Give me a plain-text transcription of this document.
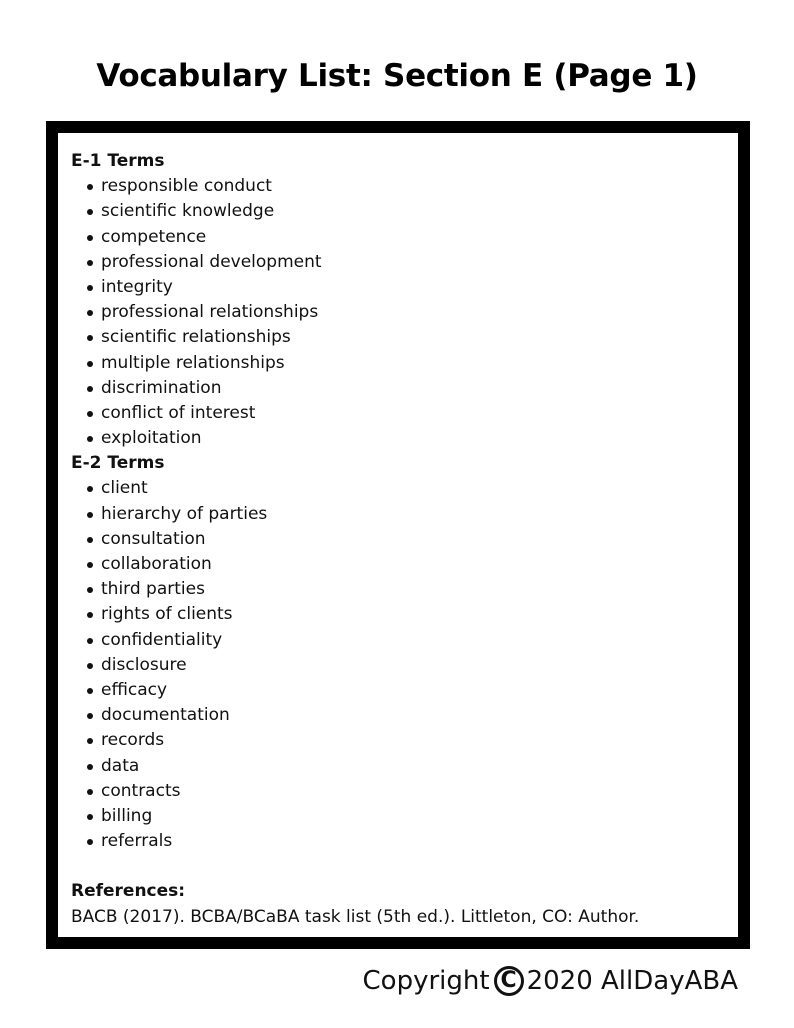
Vocabulary List: Section E (Page 1)
E-1 Terms
responsible conduct
scientific knowledge
competence
professional development
integrity
professional relationships
scientific relationships
multiple relationships
discrimination
conflict of interest
exploitation
E-2 Terms
client
hierarchy of parties
consultation
collaboration
third parties
rights of clients
confidentiality
disclosure
efficacy
documentation
records
data
contracts
billing
referrals
References:
BACB (2017). BCBA/BCaBA task list (5th ed.). Littleton, CO: Author.
Copyright C 2020 AllDayABA
